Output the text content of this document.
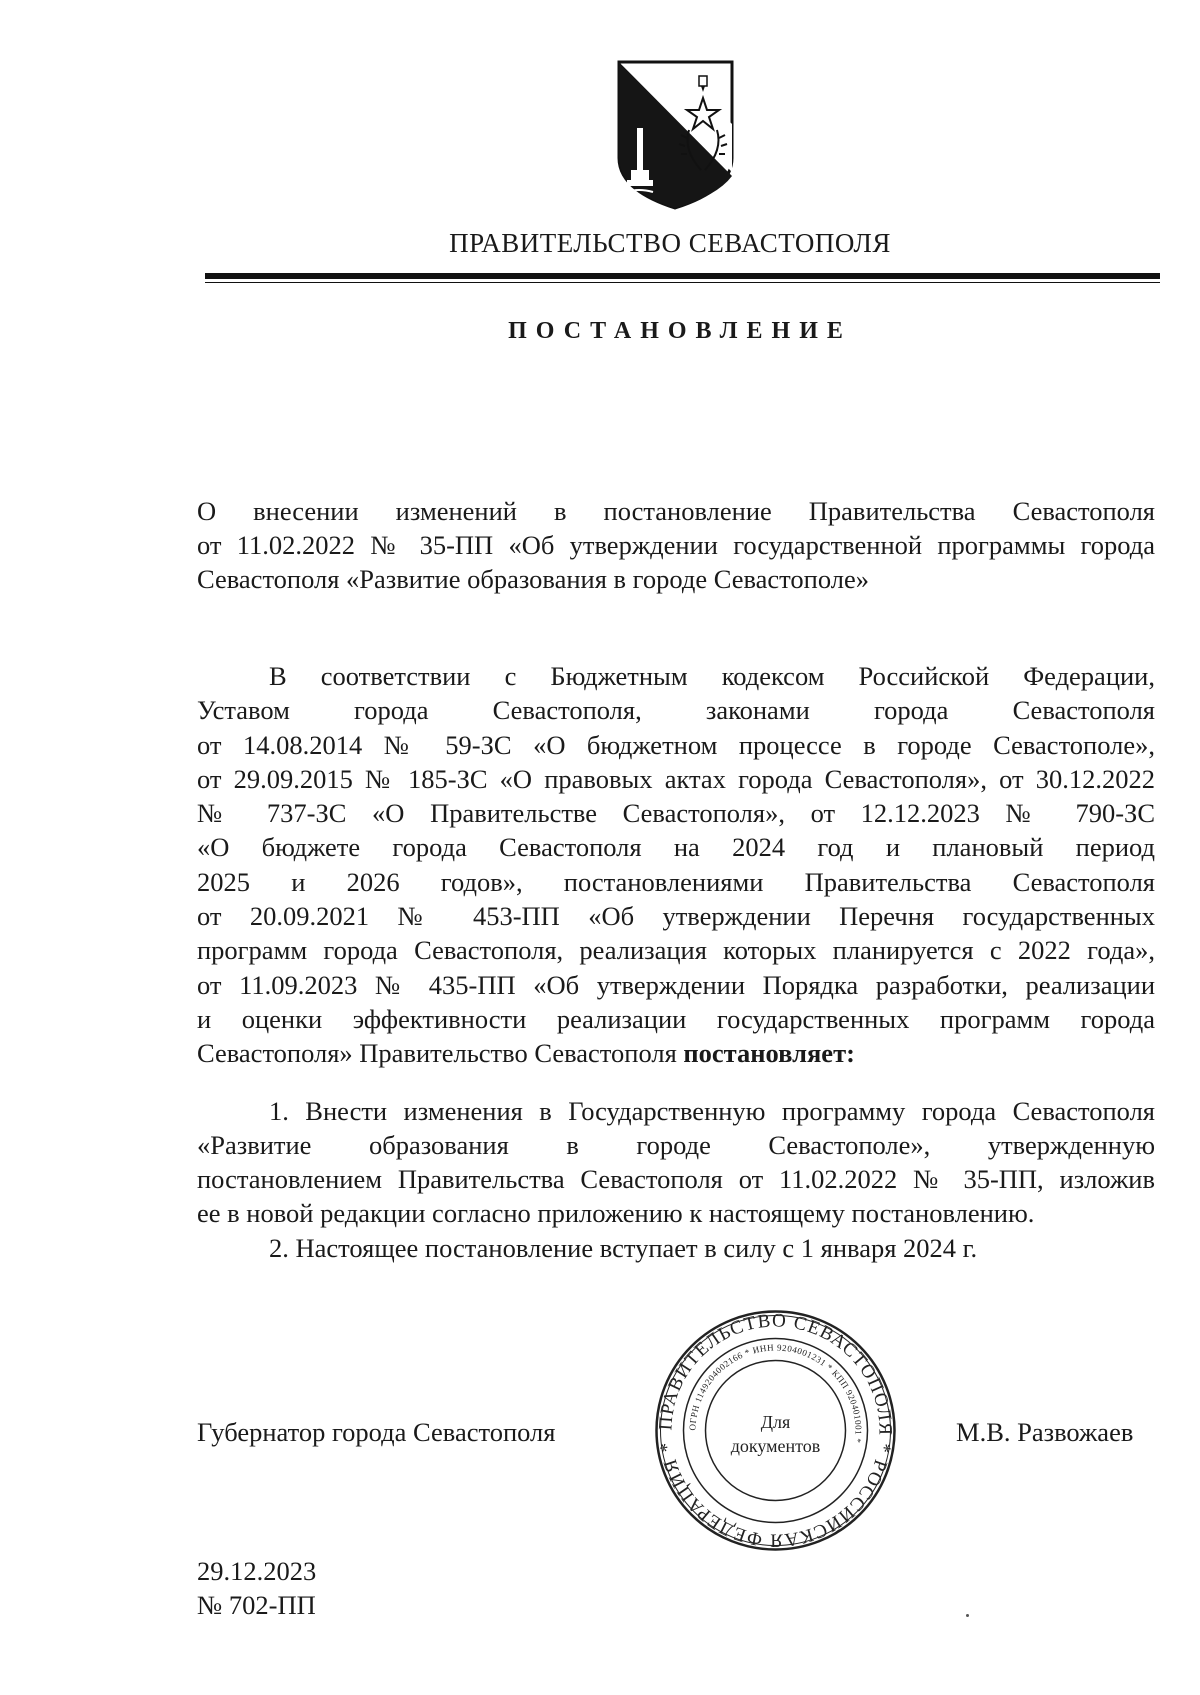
ПРАВИТЕЛЬСТВО СЕВАСТОПОЛЯ
ПОСТАНОВЛЕНИЕ
О внесении изменений в постановление Правительства Севастополя
от 11.02.2022 № 35-ПП «Об утверждении государственной программы города
Севастополя «Развитие образования в городе Севастополе»
В соответствии с Бюджетным кодексом Российской Федерации,
Уставом города Севастополя, законами города Севастополя
от 14.08.2014 № 59-ЗС «О бюджетном процессе в городе Севастополе»,
от 29.09.2015 № 185-ЗС «О правовых актах города Севастополя», от 30.12.2022
№ 737-ЗС «О Правительстве Севастополя», от 12.12.2023 № 790-ЗС
«О бюджете города Севастополя на 2024 год и плановый период
2025 и 2026 годов», постановлениями Правительства Севастополя
от 20.09.2021 № 453-ПП «Об утверждении Перечня государственных
программ города Севастополя, реализация которых планируется с 2022 года»,
от 11.09.2023 № 435-ПП «Об утверждении Порядка разработки, реализации
и оценки эффективности реализации государственных программ города
Севастополя» Правительство Севастополя постановляет:
1. Внести изменения в Государственную программу города Севастополя
«Развитие образования в городе Севастополе», утвержденную
постановлением Правительства Севастополя от 11.02.2022 № 35-ПП, изложив
ее в новой редакции согласно приложению к настоящему постановлению.
2. Настоящее постановление вступает в силу с 1 января 2024 г.
Губернатор города Севастополя	ПРАВИТЕЛЬСТВО СЕВАСТОПОЛЯ * РОССИЙСКАЯ ФЕДЕРАЦИЯ *
ОГРН 1149204002166 * ИНН 9204001231 * КПП 920401001 *
Для
документов	М.В. Развожаев
29.12.2023
№ 702-ПП
